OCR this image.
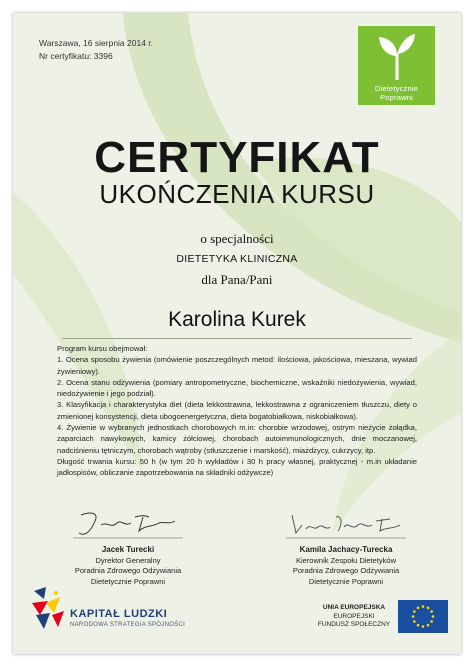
Warszawa, 16 sierpnia 2014 r.
Nr certyfikatu: 3396
Dietetycznie
Poprawni
CERTYFIKAT
UKOŃCZENIA KURSU
o specjalności
DIETETYKA KLINICZNA
dla Pana/Pani
Karolina Kurek

Program kursu obejmował:

1. Ocena sposobu żywienia (omówienie poszczególnych metod: ilościowa, jakościowa, mieszana, wywiad żywieniowy).

2. Ocena stanu odżywienia (pomiary antropometryczne, biochemiczne, wskaźniki niedożywienia, wywiad, niedożywienie i jego podział).

3. Klasyfikacja i charakterystyka diet (dieta lekkostrawna, lekkostrawna z ograniczeniem tłuszczu, diety o zmienionej konsystencji, dieta ubogoenergetyczna, dieta bogatobiałkowa, niskobiałkowa).

4. Żywienie w wybranych jednostkach chorobowych m.in: chorobie wrzodowej, ostrym nieżycie żołądka, zaparciach nawykowych, kamicy żółciowej, chorobach autoimmunologicznych, dnie moczanowej, nadciśnieniu tętniczym, chorobach wątroby (stłuszczenie i marskość), miażdżycy, cukrzycy, itp.

Długość trwania kursu: 50 h (w tym 20 h wykładów i 30 h pracy własnej, praktycznej - m.in układanie jadłospisów, obliczanie zapotrzebowania na składniki odżywcze)

Jacek Turecki
Dyrektor Generalny
Poradnia Zdrowego Odżywiania
Dietetycznie Poprawni
Kamila Jachacy-Turecka
Kierownik Zespołu Dietetyków
Poradnia Zdrowego Odżywiania
Dietetycznie Poprawni
KAPITAŁ LUDZKI
NARODOWA STRATEGIA SPÓJNOŚCI
UNIA EUROPEJSKA
EUROPEJSKI
FUNDUSZ SPOŁECZNY
